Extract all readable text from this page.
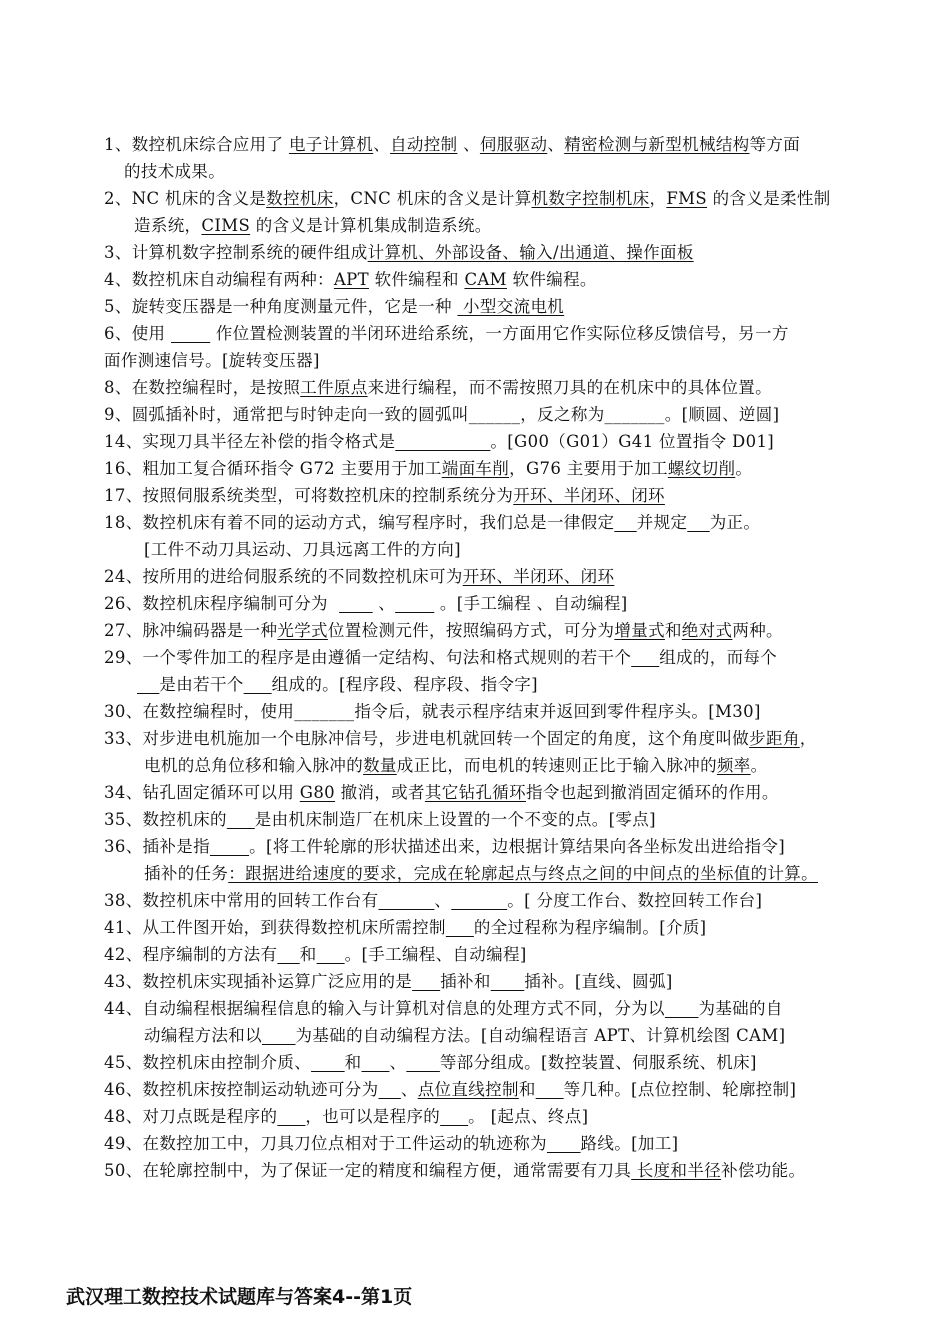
武汉理工数控技术试题库与答案4--第1页
1、数控机床综合应用了 电子计算机、自动控制 、伺服驱动、精密检测与新型机械结构等方面
的技术成果。
2、NC 机床的含义是数控机床，CNC 机床的含义是计算机数字控制机床，FMS 的含义是柔性制
造系统，CIMS 的含义是计算机集成制造系统。
3、计算机数字控制系统的硬件组成计算机、外部设备、输入/出通道、操作面板
4、数控机床自动编程有两种：APT 软件编程和 CAM 软件编程。
5、旋转变压器是一种角度测量元件，它是一种  小型交流电机
6、使用         作位置检测装置的半闭环进给系统，一方面用它作实际位移反馈信号，另一方
面作测速信号。[旋转变压器]
8、在数控编程时，是按照工件原点来进行编程，而不需按照刀具的在机床中的具体位置。
9、圆弧插补时，通常把与时钟走向一致的圆弧叫______，反之称为_______。[顺圆、逆圆]
14、实现刀具半径左补偿的指令格式是	。[G00（G01）G41 位置指令 D01]
16、粗加工复合循环指令 G72 主要用于加工端面车削，G76 主要用于加工螺纹切削。
17、按照伺服系统类型，可将数控机床的控制系统分为开环、半闭环、闭环
18、数控机床有着不同的运动方式，编写程序时，我们总是一律假定 并规定 为正。
[工件不动刀具运动、刀具远离工件的方向]
24、按所用的进给伺服系统的不同数控机床可为开环、半闭环、闭环
26、数控机床程序编制可分为         、        。[手工编程 、自动编程]
27、脉冲编码器是一种光学式位置检测元件，按照编码方式，可分为增量式和绝对式两种。
29、一个零件加工的程序是由遵循一定结构、句法和格式规则的若干个 组成的，而每个
是由若干个 组成的。[程序段、程序段、指令字]
30、在数控编程时，使用_______指令后，就表示程序结束并返回到零件程序头。[M30]
33、对步进电机施加一个电脉冲信号，步进电机就回转一个固定的角度，这个角度叫做步距角，
电机的总角位移和输入脉冲的数量成正比，而电机的转速则正比于输入脉冲的频率。
34、钻孔固定循环可以用 G80 撤消，或者其它钻孔循环指令也起到撤消固定循环的作用。
35、数控机床的 是由机床制造厂在机床上设置的一个不变的点。[零点]
36、插补是指 。[将工件轮廓的形状描述出来，边根据计算结果向各坐标发出进给指令]
插补的任务：跟据进给速度的要求，完成在轮廓起点与终点之间的中间点的坐标值的计算。
38、数控机床中常用的回转工作台有	、	。[ 分度工作台、数控回转工作台]
41、从工件图开始，到获得数控机床所需控制 的全过程称为程序编制。[介质]
42、程序编制的方法有 和 。[手工编程、自动编程]
43、数控机床实现插补运算广泛应用的是 插补和 插补。[直线、圆弧]
44、自动编程根据编程信息的输入与计算机对信息的处理方式不同，分为以 为基础的自
动编程方法和以 为基础的自动编程方法。[自动编程语言 APT、计算机绘图 CAM]
45、数控机床由控制介质、 和 、 等部分组成。[数控装置、伺服系统、机床]
46、数控机床按控制运动轨迹可分为 、点位直线控制和 等几种。[点位控制、轮廓控制]
48、对刀点既是程序的 ，也可以是程序的 。 [起点、终点]
49、在数控加工中，刀具刀位点相对于工件运动的轨迹称为 路线。[加工]
50、在轮廓控制中，为了保证一定的精度和编程方便，通常需要有刀具 长度和半径补偿功能。
